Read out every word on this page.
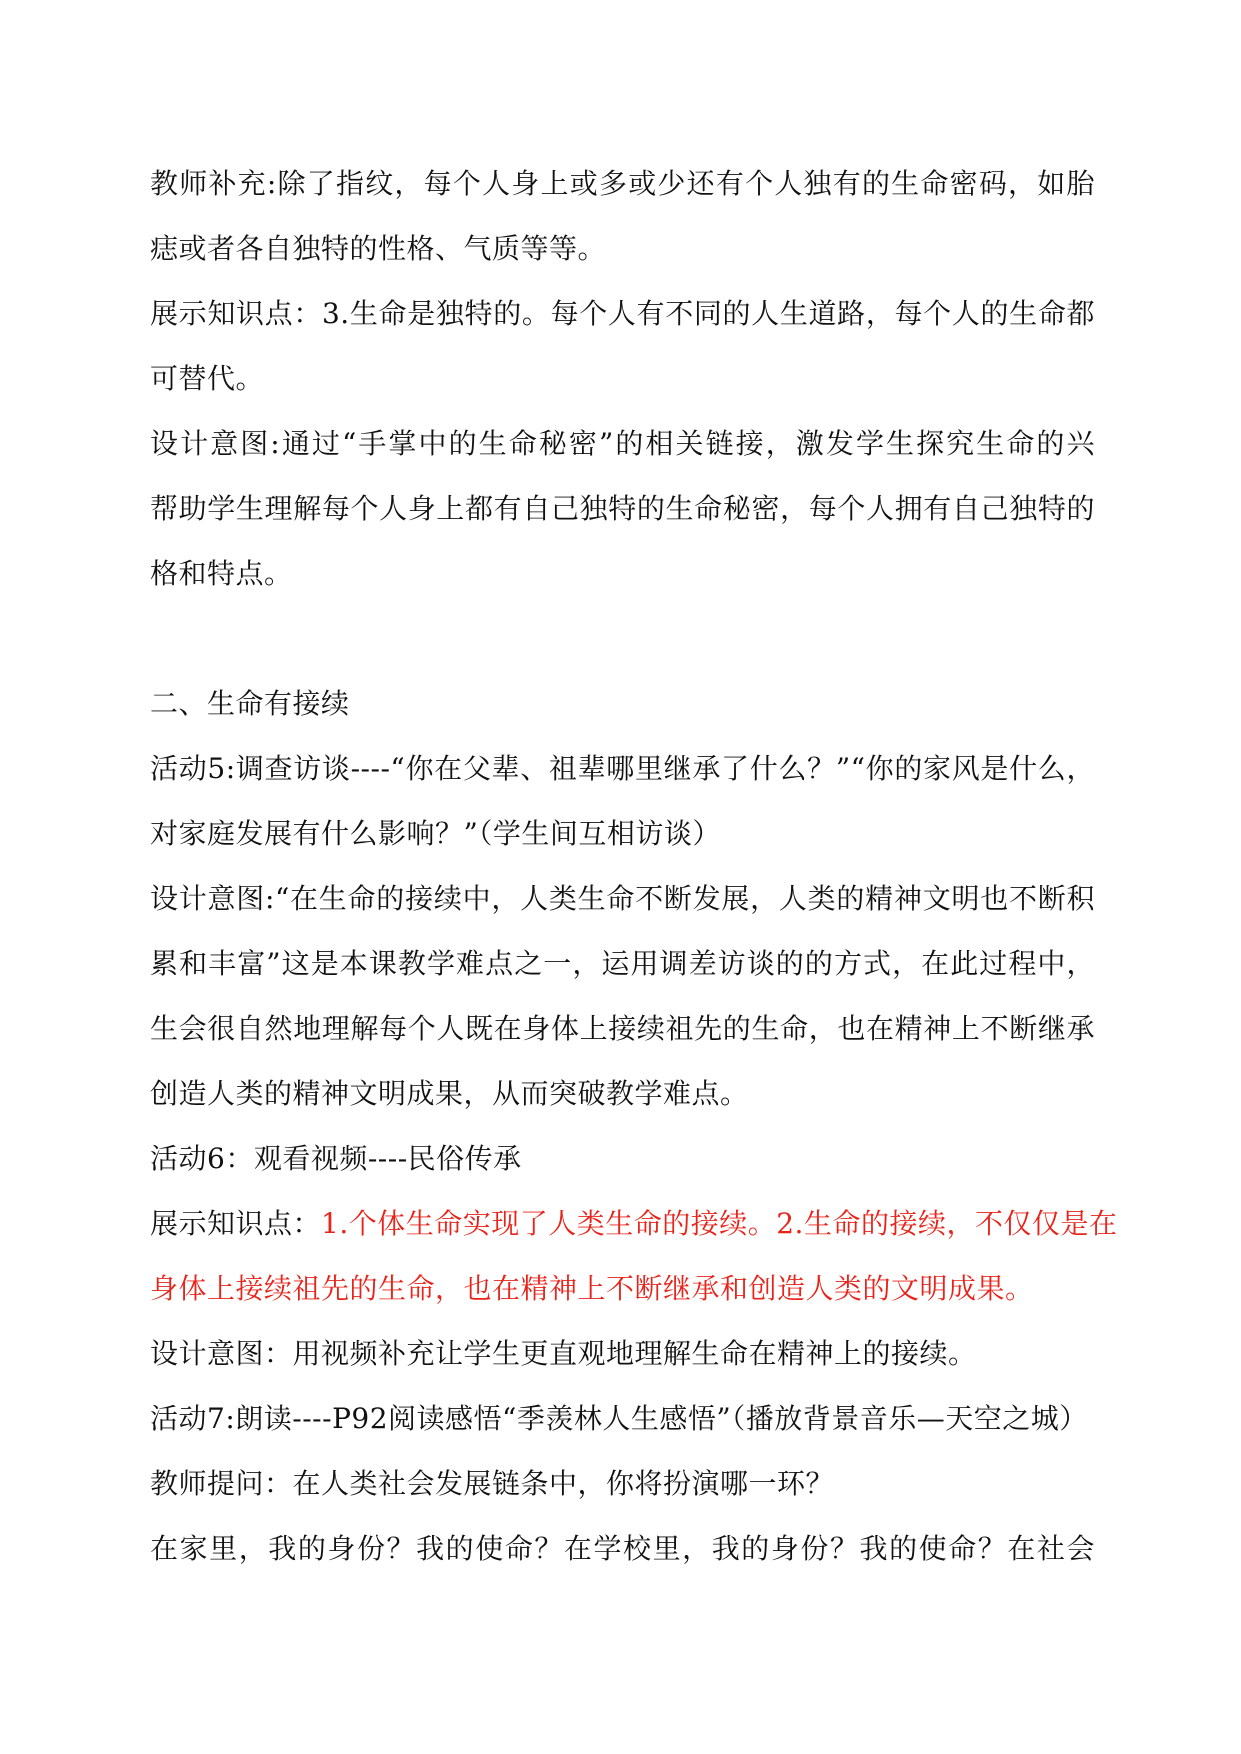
教师补充:除了指纹，每个人身上或多或少还有个人独有的生命密码，如胎
痣或者各自独特的性格、气质等等。
展示知识点：3.生命是独特的。每个人有不同的人生道路，每个人的生命都
可替代。
设计意图:通过“手掌中的生命秘密”的相关链接，激发学生探究生命的兴
帮助学生理解每个人身上都有自己独特的生命秘密，每个人拥有自己独特的
格和特点。
二、生命有接续
活动5:调查访谈----“你在父辈、祖辈哪里继承了什么？”“你的家风是什么，
对家庭发展有什么影响？”（学生间互相访谈）
设计意图:“在生命的接续中，人类生命不断发展，人类的精神文明也不断积
累和丰富”这是本课教学难点之一，运用调差访谈的的方式，在此过程中，
生会很自然地理解每个人既在身体上接续祖先的生命，也在精神上不断继承
创造人类的精神文明成果，从而突破教学难点。
活动6：观看视频----民俗传承
展示知识点：1.个体生命实现了人类生命的接续。2.生命的接续，不仅仅是在
身体上接续祖先的生命，也在精神上不断继承和创造人类的文明成果。
设计意图：用视频补充让学生更直观地理解生命在精神上的接续。
活动7:朗读----P92阅读感悟“季羡林人生感悟”（播放背景音乐—天空之城）
教师提问：在人类社会发展链条中，你将扮演哪一环？
在家里，我的身份？我的使命？在学校里，我的身份？我的使命？在社会
